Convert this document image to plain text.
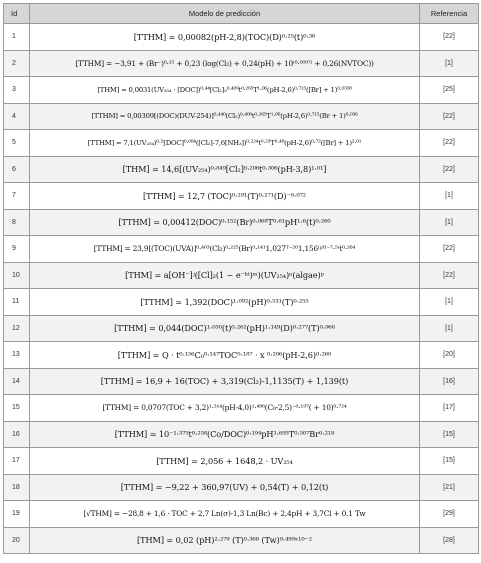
Id	Modelo de predicción	Referencia
1	[TTHM] = 0,00082(pH-2,8)(TOC)(D)⁰·²⁵(t)⁰·³⁶	[22]
2	[TTHM] = −3,91 + (Br⁻)⁰·¹⁵ + 0,23 (log(Cl₂) + 0,24(pH) + 10⁽⁰·⁰⁰⁹⁷⁾ + 0,26(NVTOC))	[1]
3	[THM] = 0,0031(UV₂₅₄ · [DOC])⁰·⁴⁴[Cl₂]₀⁰·⁴⁰⁹t⁰·²⁶⁵T¹·⁰⁶(pH-2,6)⁰·⁷¹⁵([Br] + 1)⁰·⁰³⁵⁸	[25]
4	[TTHM] = 0,00309[(DOC)(DUV-254)]⁰·⁴⁴⁰(Cl₂)⁰·⁴⁰⁹t⁰·²⁶⁵T¹·⁰⁶(pH-2,6)⁰·⁷¹⁵(Br + 1)⁰·⁰³⁶	[22]
5	[TTHM] = 7,1(UV₂₅₄)⁰·⁵[DOC]⁰·⁰⁰⁴([Cl₂]-7,6[NH₃])⁰·²²⁴t⁰·²³T⁰·⁴⁸(pH-2,6)⁰·⁷²([Br] + 1)²·⁰¹	[22]
6	[THM] = 14,6[(UV₂₅₄)⁰·⁸⁴⁹[Cl₂]⁰·²⁰⁶t⁰·³⁰⁶(pH-3,8)¹·⁰¹]	[22]
7	[TTHM] = 12,7 (TOC)⁰·²⁹¹(T)⁰·²⁷¹(D)⁻⁰·⁰⁷²	[1]
8	[TTHM] = 0,00412(DOC)⁰·¹⁵²(Br)⁰·⁰⁶⁸T⁰·⁶¹pH¹·⁶(t)⁰·²⁶⁰	[1]
9	[TTHM] = 23,9[(TOC)(UVA)]⁰·⁴⁰³(Cl₂)⁰·²²⁵(Br)⁰·¹⁴¹1,027ᵀ⁻²⁰1,156⁽ᵖᴴ⁻⁷·⁵⁾t⁰·²⁶⁴	[22]
10	[THM] = a[OH⁻]ʲ([Cl]₂(1 − e⁻ᵏᵗ)ᵐ)(UV₂₅₄)ⁿ(algae)ᵖ	[22]
11	[TTHM] = 1,392(DOC)¹·⁰⁹²(pH)⁰·⁵³¹(T)⁰·²⁵⁵	[1]
12	[TTHM] = 0,044(DOC)¹·⁰³⁰(t)⁰·²⁶²(pH)¹·¹⁴⁹(D)⁰·²⁷⁷(T)⁰·⁹⁶⁸	[1]
13	[TTHM] = Q · t⁰·¹⁵⁶C₀⁰·¹⁴⁷TOC⁰·¹⁸⁷ · x ⁰·²⁰⁶(pH-2,6)⁰·²⁶⁰	[20]
14	[TTHM] = 16,9 + 16(TOC) + 3,319(Cl₂)-1,1135(T) + 1,139(t)	[16]
15	[TTHM] = 0,0707(TOC + 3,2)¹·³¹⁴(pH-4,0)¹·⁴⁹⁶(C₀-2,5)⁻⁰·¹⁹⁷( + 10)⁰·⁷²⁴	[17]
16	[TTHM] = 10⁻¹·³⁷⁵t⁰·²⁵⁸(Co/DOC)⁰·¹⁹⁴pH¹·⁶⁹⁵T⁰·⁵⁰⁷Br⁰·²¹⁸	[15]
17	[TTHM] = 2,056 + 1648,2 · UV₂₅₄	[15]
18	[TTHM] = −9,22 + 360,97(UV) + 0,54(T) + 0,12(t)	[21]
19	[√THM] = −28,8 + 1,6 · TOC + 2,7 Ln(σ)-1,3 Ln(Bc) + 2,4pH + 3,7Cl + 0.1 Tw	[29]
20	[THM] = 0,02 (pH)²·²⁷⁹ (T)⁰·³⁶⁸ (Tw)⁹·⁴⁹⁹ˣ¹⁰⁻²	[28]
